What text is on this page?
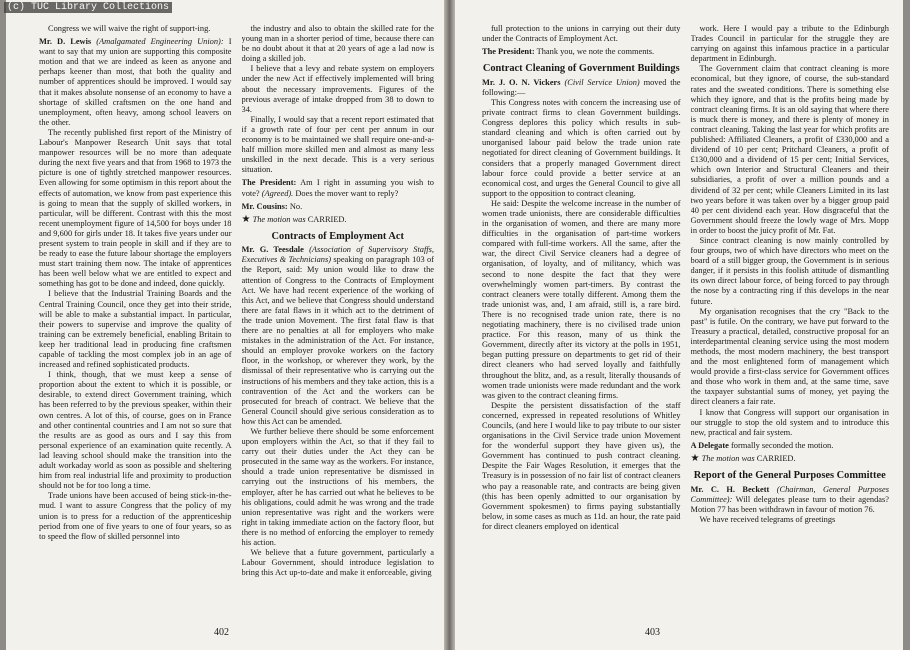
(c) TUC Library Collections

Congress we will waive the right of support-ing.

Mr. D. Lewis (Amalgamated Engineering Union): I want to say that my union are supporting this composite motion and that we are indeed as keen as anyone and perhaps keener than most, that both the quality and number of apprentices should be improved. I would say that it makes absolute nonsense of an economy to have a shortage of skilled craftsmen on the one hand and unemployment, often heavy, among school leavers on the other.

The recently published first report of the Ministry of Labour's Manpower Research Unit says that total manpower resources will be no more than adequate during the next five years and that from 1968 to 1973 the picture is one of tightly stretched manpower resources. Even allowing for some optimism in this report about the effects of automation, we know from past experience this is going to mean that the supply of skilled workers, in particular, will be different. Contrast with this the most recent unemployment figure of 14,500 for boys under 18 and 9,600 for girls under 18. It takes five years under our present system to train people in skill and if they are to be ready to ease the future labour shortage the employers must start training them now. The intake of apprentices has been well below what we are entitled to expect and something has got to be done and indeed, done quickly.

I believe that the Industrial Training Boards and the Central Training Council, once they get into their stride, will be able to make a substantial impact. In particular, their powers to supervise and improve the quality of training can be extremely beneficial, enabling Britain to keep her traditional lead in producing fine craftsmen capable of tackling the most complex job in an age of increased and refined sophisticated products.

I think, though, that we must keep a sense of proportion about the extent to which it is possible, or desirable, to extend direct Government training, which has been referred to by the previous speaker, within their own centres. A lot of this, of course, goes on in France and other continental countries and I am not so sure that the results are as good as ours and I say this from personal experience of an examination quite recently. A lad leaving school should make the transition into the adult workaday world as soon as possible and sheltering him from real industrial life and proximity to production should not be for too long a time.

Trade unions have been accused of being stick-in-the-mud. I want to assure Congress that the policy of my union is to press for a reduction of the apprenticeship period from one of five years to one of four years, so as to speed the flow of skilled personnel into

the industry and also to obtain the skilled rate for the young man in a shorter period of time, because there can be no doubt about it that at 20 years of age a lad now is doing a skilled job.

I believe that a levy and rebate system on employers under the new Act if effectively implemented will bring about the necessary improvements. Figures of the previous average of intake dropped from 38 to down to 34.

Finally, I would say that a recent report estimated that if a growth rate of four per cent per annum in our economy is to be maintained we shall require one-and-a-half million more skilled men and almost as many less unskilled in the next decade. This is a very serious situation.

The President: Am I right in assuming you wish to vote? (Agreed). Does the mover want to reply?

Mr. Cousins: No.

★ The motion was CARRIED.

Contracts of Employment Act

Mr. G. Teesdale (Association of Supervisory Staffs, Executives & Technicians) speaking on paragraph 103 of the Report, said: My union would like to draw the attention of Congress to the Contracts of Employment Act. We have had recent experience of the working of this Act, and we believe that Congress should understand there are fatal flaws in it which act to the detriment of the trade union Movement. The first fatal flaw is that there are no penalties at all for employers who make mistakes in the administration of the Act. For instance, should an employer provoke workers on the factory floor, in the workshop, or wherever they work, by the dismissal of their representative who is carrying out the instructions of his members and they take action, this is a contravention of the Act and the workers can be prosecuted for breach of contract. We believe that the General Council should give serious consideration as to how this Act can be amended.

We further believe there should be some enforcement upon employers within the Act, so that if they fail to carry out their duties under the Act they can be prosecuted in the same way as the workers. For instance, should a trade union representative be dismissed in carrying out the instructions of his members, the employer, after he has carried out what he believes to be his obligations, could admit he was wrong and the trade union representative was right and the workers were right in taking immediate action on the factory floor, but there is no method of enforcing the employer to remedy his action.

We believe that a future government, particularly a Labour Government, should introduce legislation to bring this Act up-to-date and make it enforceable, giving

402

full protection to the unions in carrying out their duty under the Contracts of Employment Act.

The President: Thank you, we note the comments.

Contract Cleaning of Government Buildings

Mr. J. O. N. Vickers (Civil Service Union) moved the following:—

This Congress notes with concern the increasing use of private contract firms to clean Government buildings. Congress deplores this policy which results in sub-standard cleaning and which is often carried out by unorganised labour paid below the trade union rate negotiated for direct cleaning of Government buildings. It considers that a properly managed Government direct labour force could provide a better service at an economical cost, and urges the General Council to give all support to the opposition to contract cleaning.

He said: Despite the welcome increase in the number of women trade unionists, there are considerable difficulties in the organisation of women, and there are many more difficulties in the organisation of part-time workers compared with full-time workers. All the same, after the war, the direct Civil Service cleaners had a degree of organisation, of loyalty, and of militancy, which was second to none despite the fact that they were overwhelmingly women part-timers. By contrast the contract cleaners were totally different. Among them the trade unionist was, and, I am afraid, still is, a rare bird. There is no recognised trade union rate, there is no negotiating machinery, there is no civilised trade union practice. For this reason, many of us think the Government, directly after its victory at the polls in 1951, began putting pressure on departments to get rid of their direct cleaners who had served loyally and faithfully throughout the blitz, and, as a result, literally thousands of women trade unionists were made redundant and the work was given to the contract cleaning firms.

Despite the persistent dissatisfaction of the staff concerned, expressed in repeated resolutions of Whitley Councils, (and here I would like to pay tribute to our sister organisations in the Civil Service trade union Movement for the wonderful support they have given us), the Government has continued to push contract cleaning. Despite the Fair Wages Resolution, it emerges that the Treasury is in possession of no fair list of contract cleaners who pay a reasonable rate, and contracts are being given (this has been openly admitted to our organisation by Government spokesmen) to firms paying substantially below, in some cases as much as 11d. an hour, the rate paid for direct cleaners employed on identical

work. Here I would pay a tribute to the Edinburgh Trades Council in particular for the struggle they are carrying on against this infamous practice in a particular department in Edinburgh.

The Government claim that contract cleaning is more economical, but they ignore, of course, the sub-standard rates and the sweated conditions. There is something else which they ignore, and that is the profits being made by contract cleaning firms. It is an old saying that where there is muck there is money, and there is plenty of money in contract cleaning. Taking the last year for which profits are published: Affiliated Cleaners, a profit of £330,000 and a dividend of 10 per cent; Pritchard Cleaners, a profit of £130,000 and a dividend of 15 per cent; Initial Services, which own Interior and Structural Cleaners and their subsidiaries, a profit of over a million pounds and a dividend of 32 per cent; while Cleaners Limited in its last two years before it was taken over by a bigger group paid 40 per cent dividend each year. How disgraceful that the Government should freeze the lowly wage of Mrs. Mopp in order to boost the juicy profit of Mr. Fat.

Since contract cleaning is now mainly controlled by four groups, two of which have directors who meet on the board of a still bigger group, the Government is in serious danger, if it persists in this foolish attitude of dismantling its own direct labour force, of being forced to pay through the nose by a contracting ring if this develops in the near future.

My organisation recognises that the cry "Back to the past" is futile. On the contrary, we have put forward to the Treasury a practical, detailed, constructive proposal for an interdepartmental cleaning service using the most modern methods, the most modern machinery, the best transport and the most enlightened form of management which would provide a first-class service for Government offices and those who work in them and, at the same time, save the taxpayer substantial sums of money, yet paying the direct cleaners a fair rate.

I know that Congress will support our organisation in our struggle to stop the old system and to introduce this new, practical and fair system.

A Delegate formally seconded the motion.

★ The motion was CARRIED.

Report of the General Purposes Committee

Mr. C. H. Beckett (Chairman, General Purposes Committee): Will delegates please turn to their agendas? Motion 77 has been withdrawn in favour of motion 76.

We have received telegrams of greetings

403
